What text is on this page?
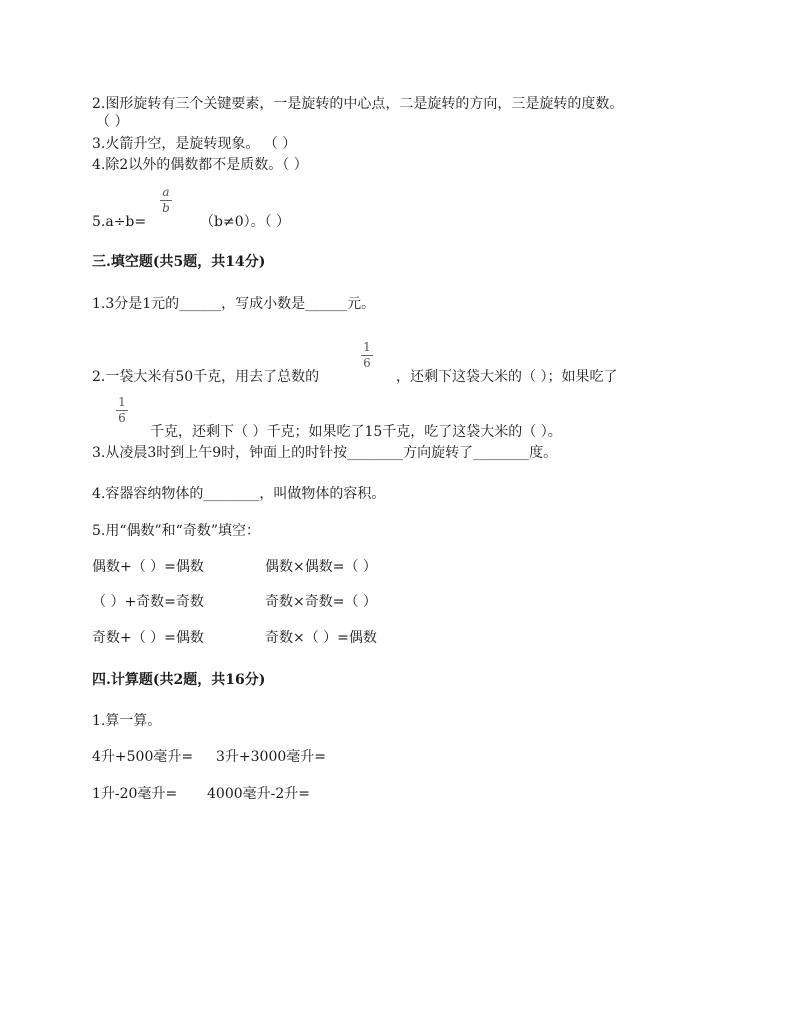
2.图形旋转有三个关键要素，一是旋转的中心点，二是旋转的方向，三是旋转的度数。
（ ）
3.火箭升空，是旋转现象。 （ ）
4.除2以外的偶数都不是质数。（ ）
5.a÷b=
a
b
（b≠0）。（ ）
三.填空题(共5题，共14分)
1.3分是1元的______，写成小数是______元。
2.一袋大米有50千克，用去了总数的
1
6
，还剩下这袋大米的（ ）；如果吃了
1
6
千克，还剩下（ ）千克；如果吃了15千克，吃了这袋大米的（ ）。
3.从凌晨3时到上午9时，钟面上的时针按________方向旋转了________度。
4.容器容纳物体的________，叫做物体的容积。
5.用“偶数”和“奇数”填空：
偶数+（ ）=偶数	偶数×偶数=（ ）
（ ）+奇数=奇数	奇数×奇数=（ ）
奇数+（ ）=偶数	奇数×（ ）=偶数
四.计算题(共2题，共16分)
1.算一算。
4升+500毫升= 3升+3000毫升=
1升-20毫升= 4000毫升-2升=
